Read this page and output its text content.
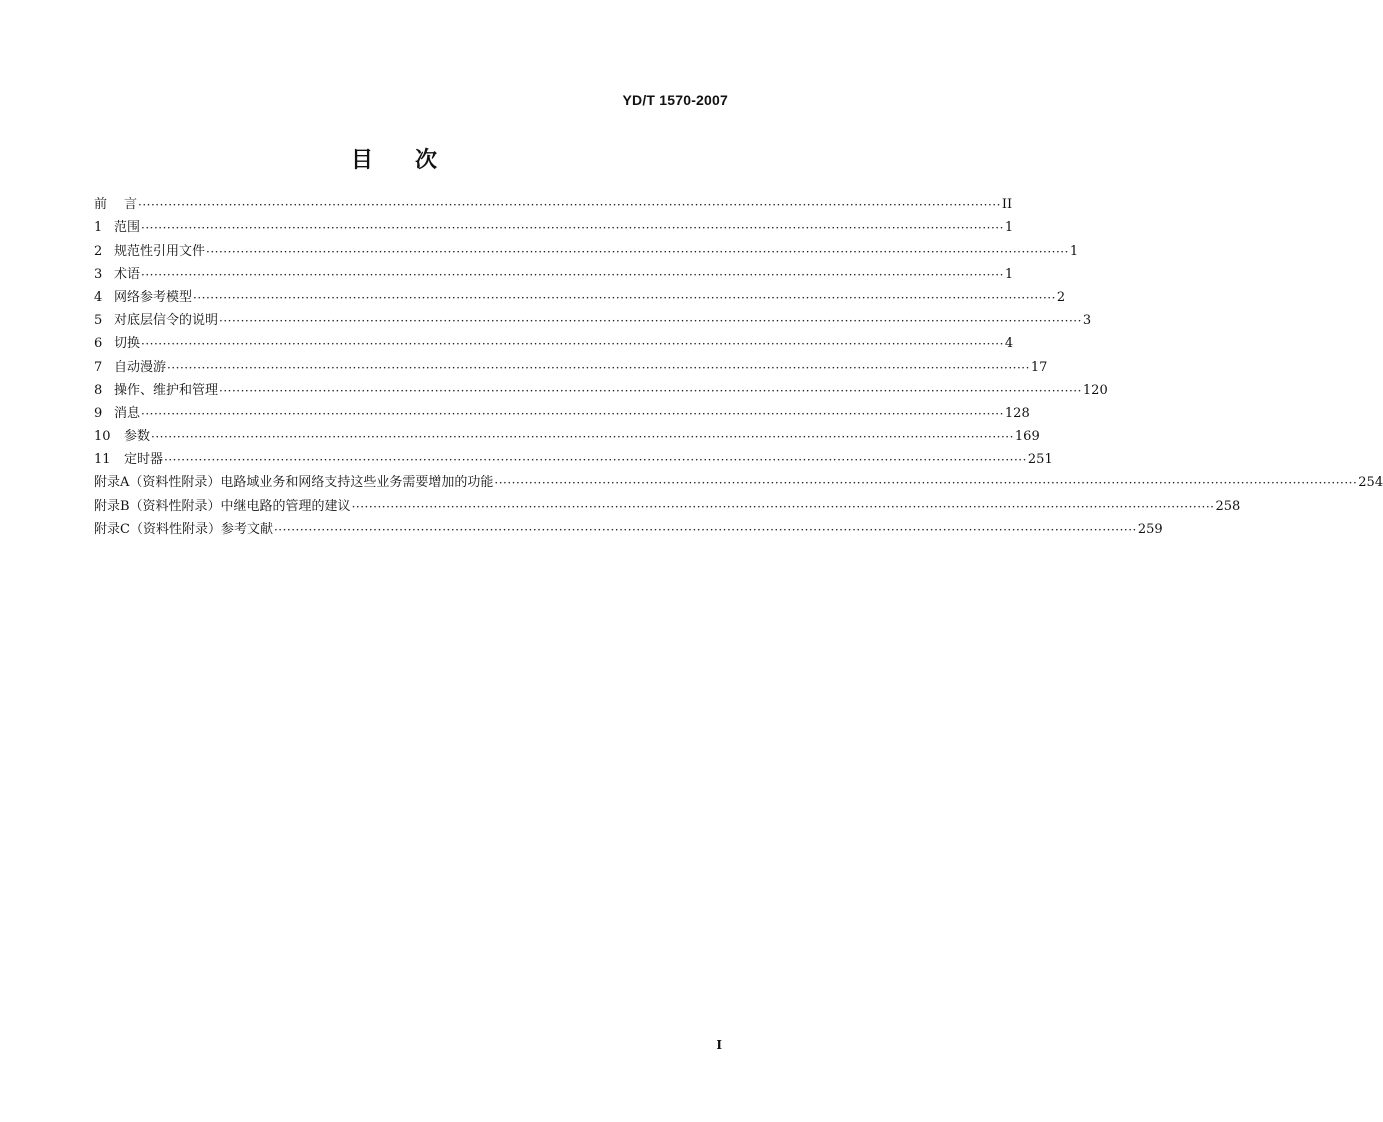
YD/T 1570-2007
目 次
前	言 ········································································································································································································ II
1 范围 ········································································································································································································ 1
2 规范性引用文件 ········································································································································································································ 1
3 术语 ········································································································································································································ 1
4 网络参考模型 ········································································································································································································ 2
5 对底层信令的说明 ········································································································································································································ 3
6 切换 ········································································································································································································ 4
7 自动漫游 ········································································································································································································ 17
8 操作、维护和管理 ········································································································································································································ 120
9 消息 ········································································································································································································ 128
10	参数 ········································································································································································································ 169
11	定时器 ········································································································································································································ 251
附录A（资料性附录）电路域业务和网络支持这些业务需要增加的功能 ········································································································································································································ 254
附录B（资料性附录）中继电路的管理的建议 ········································································································································································································ 258
附录C（资料性附录）参考文献 ········································································································································································································ 259
I
